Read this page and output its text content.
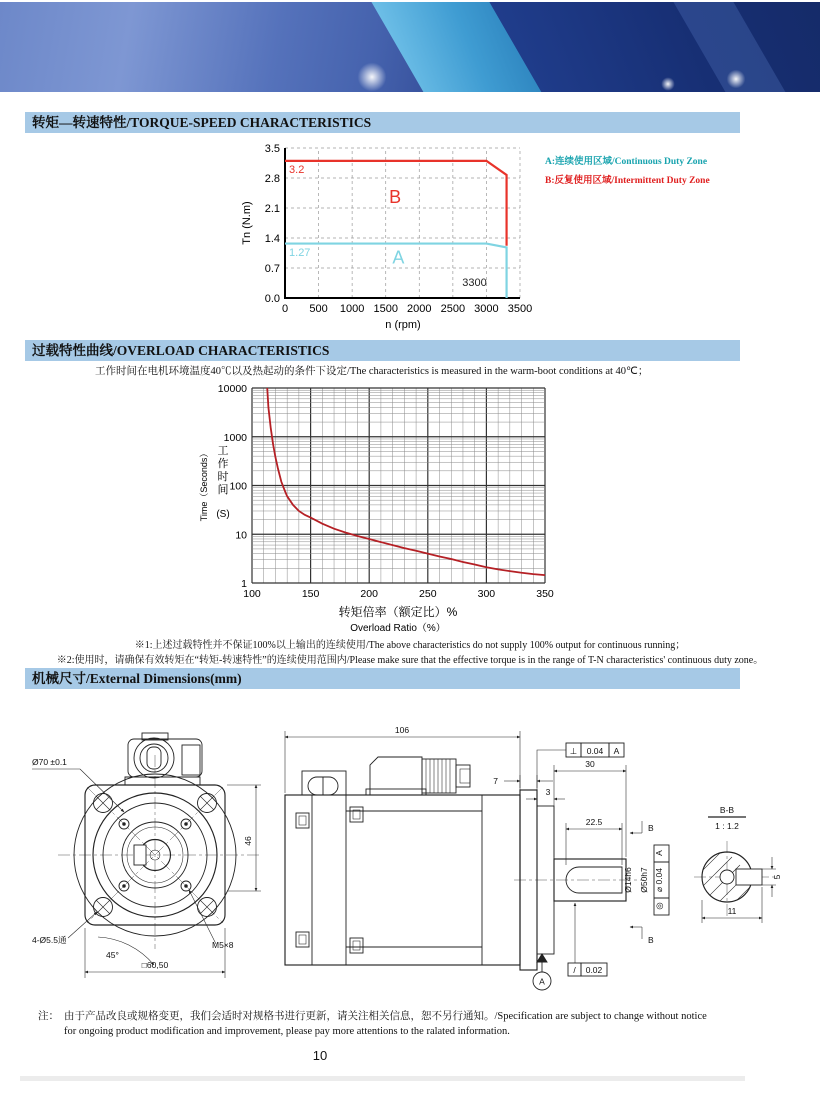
转矩—转速特性/TORQUE-SPEED CHARACTERISTICS
0 500 1000 1500 2000 2500 3000 3500
0.0
0.7
1.4
2.1
2.8
3.5
3.2
B
1.27	A
3300
Tn (N.m)
n (rpm)
A:连续使用区域/Continuous Duty Zone
B:反复使用区域/Intermittent Duty Zone
过载特性曲线/OVERLOAD CHARACTERISTICS
工作时间在电机环境温度40℃以及热起动的条件下设定/The characteristics is measured in the warm-boot conditions at 40℃；
100	150	200	250	300	350
1
10
100
1000
10000
转矩倍率（额定比）%
Overload Ratio（%）
Time（Seconds） 工
作
时
间
(S)
※1:上述过载特性并不保证100%以上输出的连续使用/The above characteristics do not supply 100% output for continuous running；
※2:使用时，请确保有效转矩在“转矩-转速特性”的连续使用范围内/Please make sure that the effective torque is in the range of T-N characteristics' continuous duty zone。
机械尺寸/External Dimensions(mm)
Ø70 ±0.1
46
4-Ø5.5通
45°
M5×8
□60,50
106
⊥ 0.04 A
7
3
30
22.5
B
B
Ø14h6 Ø50h7
A
⌀ 0.04
◎
A
/ 0.02
B-B
1 : 1.2
5
11
注： 由于产品改良或规格变更，我们会适时对规格书进行更新，请关注相关信息，恕不另行通知。/Specification are subject to change without notice
for ongoing product modification and improvement, please pay more attentions to the ralated information.
10
